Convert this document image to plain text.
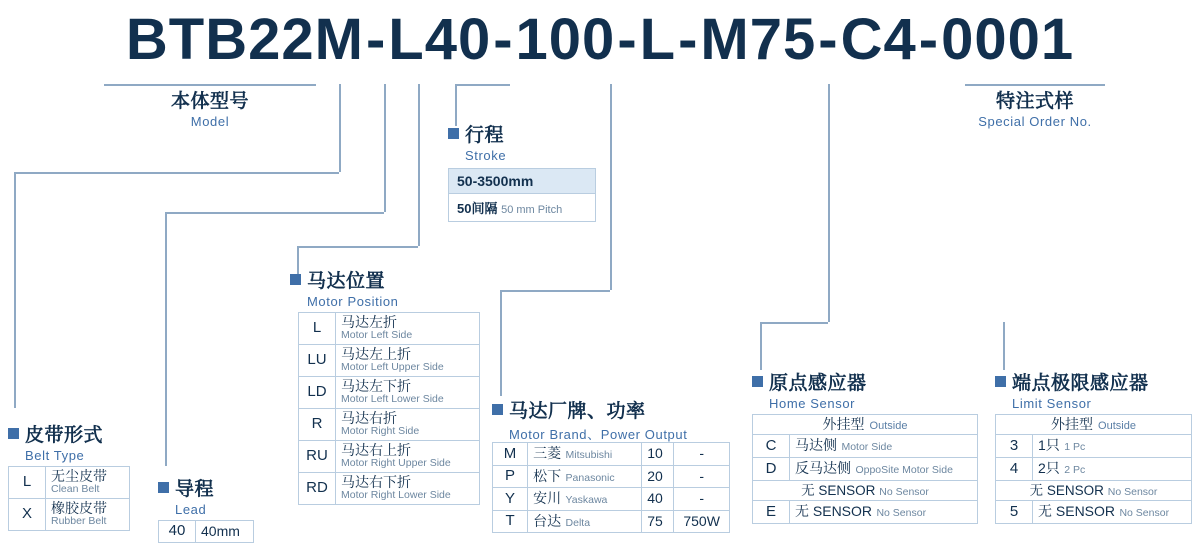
BTB22M-L40-100-L-M75-C4-0001
本体型号
Model
特注式样
Special Order No.
行程
Stroke
马达位置
Motor Position
马达厂牌、功率
Motor Brand、Power Output
原点感应器
Home Sensor
端点极限感应器
Limit Sensor
皮带形式
Belt Type
导程
Lead
50-3500mm
50间隔 50 mm Pitch
L	无尘皮带
Clean Belt

X	橡胶皮带
Rubber Belt
40	40mm
L	马达左折
Motor Left Side

LU	马达左上折
Motor Left Upper Side

LD	马达左下折
Motor Left Lower Side

R	马达右折
Motor Right Side

RU	马达右上折
Motor Right Upper Side

RD	马达右下折
Motor Right Lower Side
M	三菱 Mitsubishi	10	-
P	松下 Panasonic	20	-
Y	安川 Yaskawa	40	-
T	台达 Delta	75	750W
外挂型 Outside	
C	马达侧 Motor Side
D	反马达侧 OppoSite Motor Side
无 SENSOR No Sensor	
E	无 SENSOR No Sensor
外挂型 Outside	
3	1只 1 Pc
4	2只 2 Pc
无 SENSOR No Sensor	
5	无 SENSOR No Sensor
